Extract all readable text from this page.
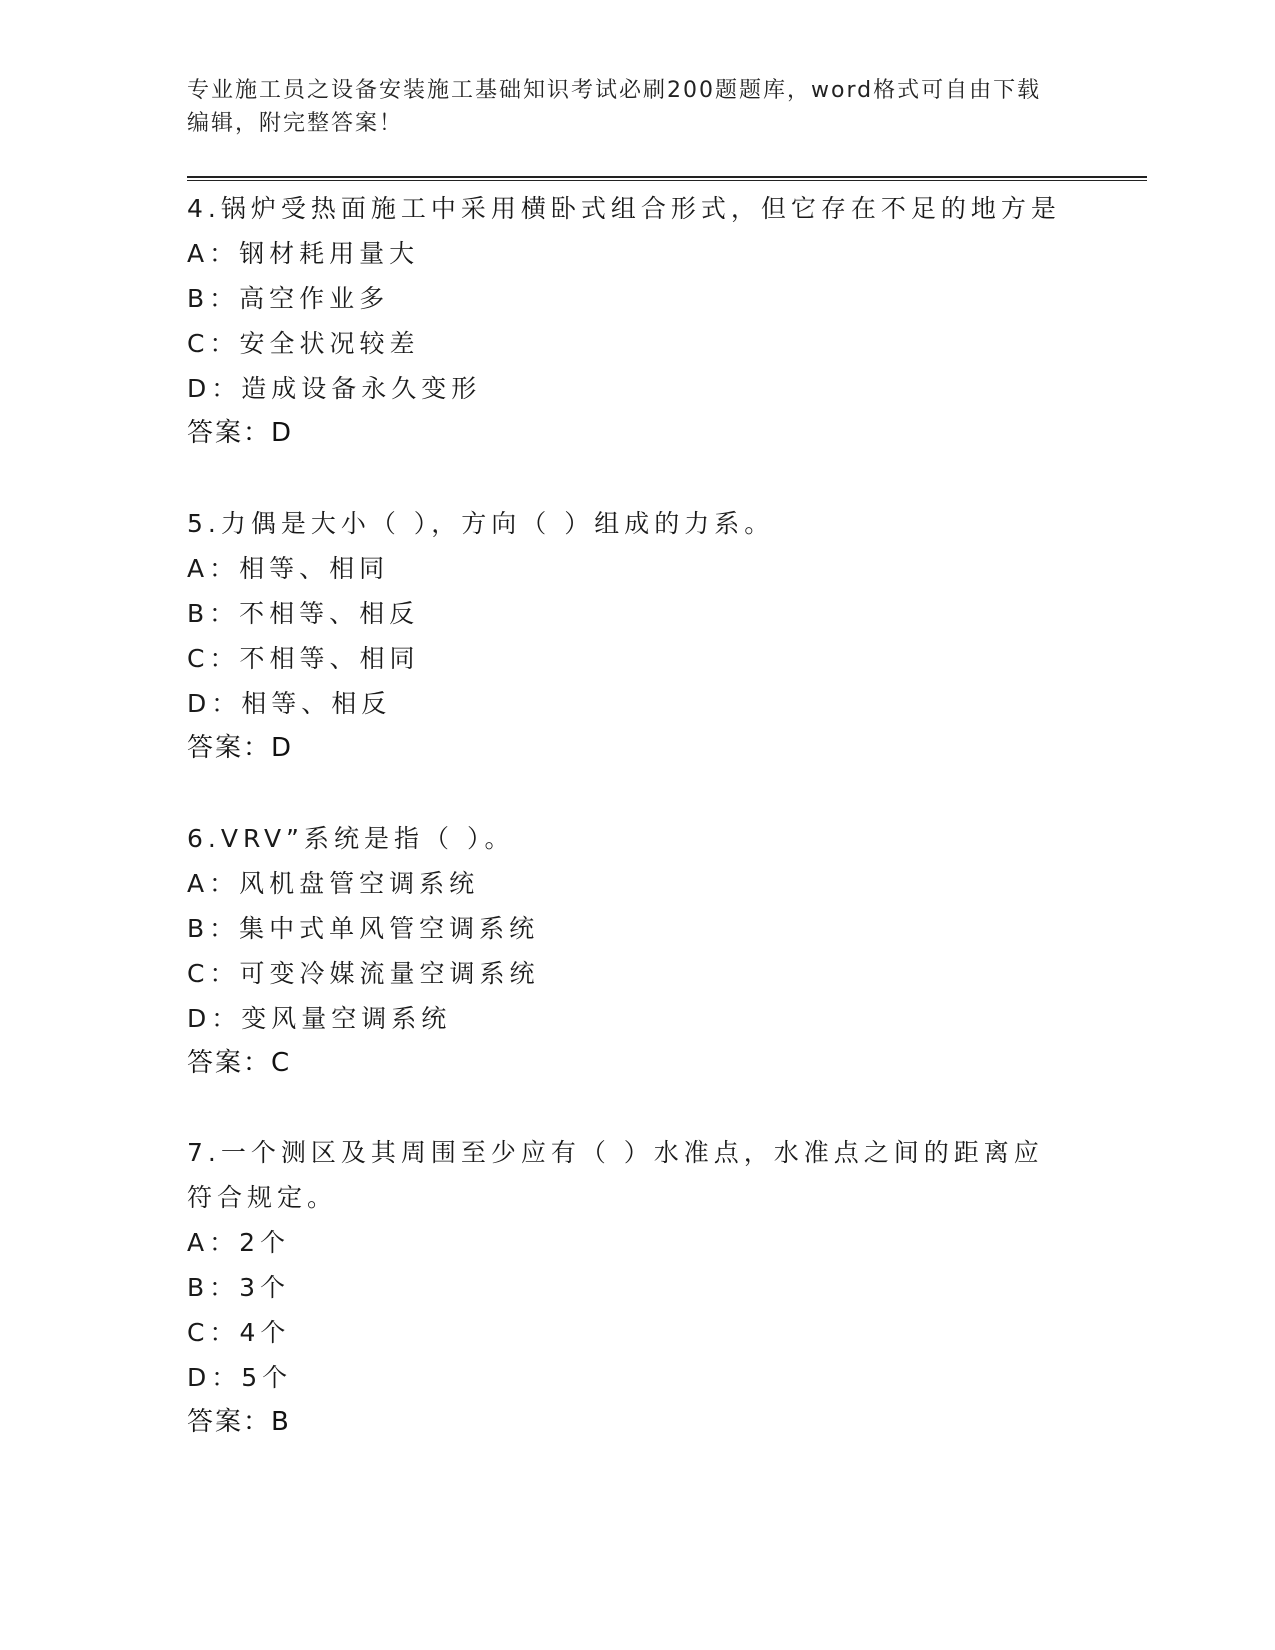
专业施工员之设备安装施工基础知识考试必刷200题题库，word格式可自由下载
编辑，附完整答案！
4.锅炉受热面施工中采用横卧式组合形式，但它存在不足的地方是
A：钢材耗用量大
B：高空作业多
C：安全状况较差
D：造成设备永久变形
答案：D
5.力偶是大小（ ），方向（ ）组成的力系。
A：相等、相同
B：不相等、相反
C：不相等、相同
D：相等、相反
答案：D
6.VRV”系统是指（ ）。
A：风机盘管空调系统
B：集中式单风管空调系统
C：可变冷媒流量空调系统
D：变风量空调系统
答案：C
7.一个测区及其周围至少应有（ ）水准点，水准点之间的距离应符合规定。
A：2个
B：3个
C：4个
D：5个
答案：B
